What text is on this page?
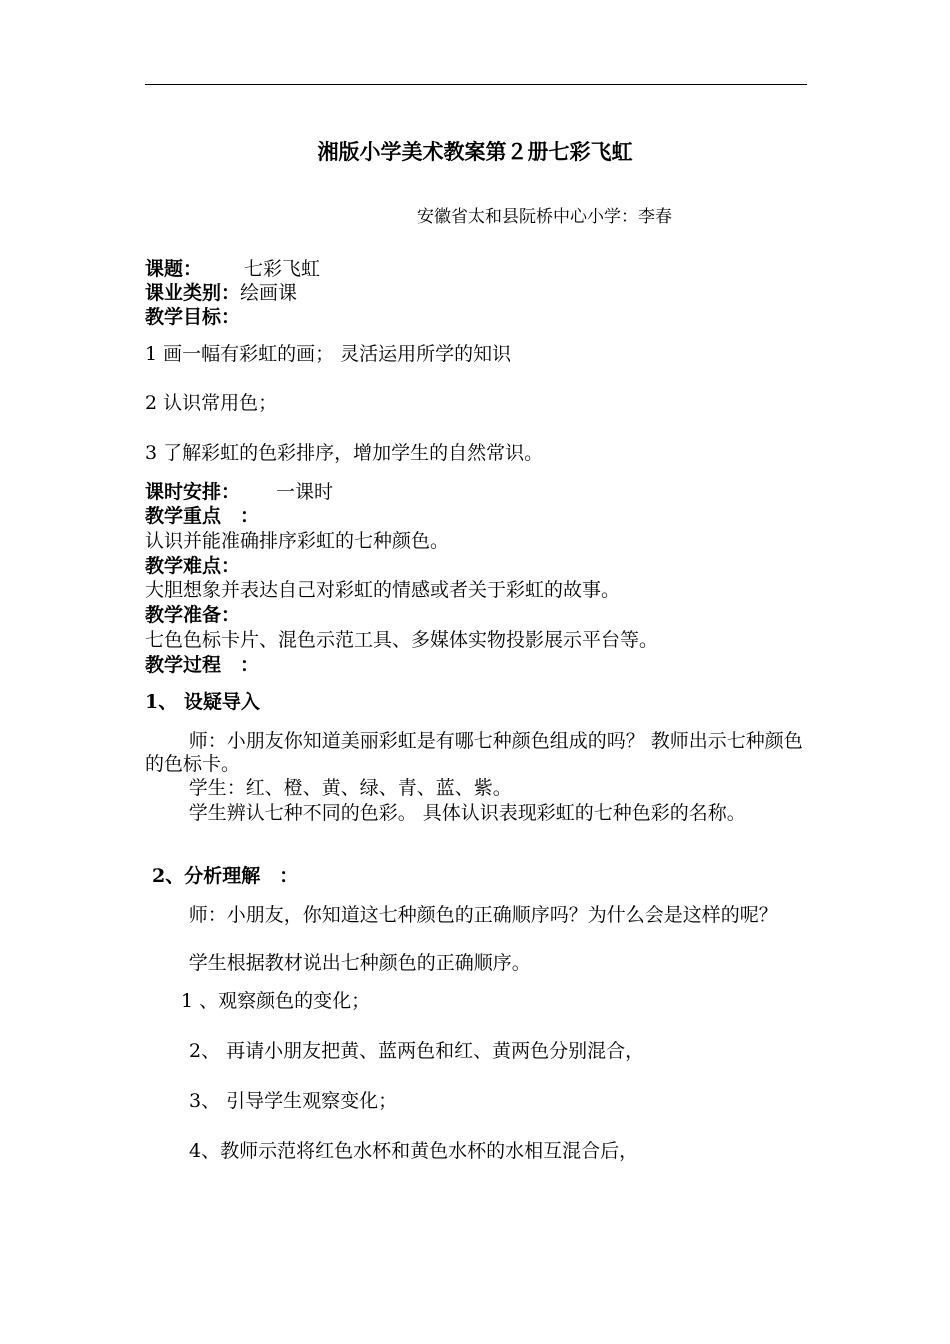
湘版小学美术教案第２册七彩飞虹
安徽省太和县阮桥中心小学：李春
课题： 七彩飞虹
课业类别：绘画课
教学目标：
1 画一幅有彩虹的画； 灵活运用所学的知识
2 认识常用色；
3 了解彩虹的色彩排序，增加学生的自然常识。
课时安排： 一课时
教学重点　：
认识并能准确排序彩虹的七种颜色。
教学难点：
大胆想象并表达自己对彩虹的情感或者关于彩虹的故事。
教学准备：
七色色标卡片、混色示范工具、多媒体实物投影展示平台等。
教学过程　：
1、 设疑导入
师：小朋友你知道美丽彩虹是有哪七种颜色组成的吗？ 教师出示七种颜色的色标卡。
学生：红、橙、黄、绿、青、蓝、紫。
学生辨认七种不同的色彩。 具体认识表现彩虹的七种色彩的名称。
2、分析理解　：
师：小朋友，你知道这七种颜色的正确顺序吗？为什么会是这样的呢？
学生根据教材说出七种颜色的正确顺序。
1 、观察颜色的变化；
2、 再请小朋友把黄、蓝两色和红、黄两色分别混合，
3、 引导学生观察变化；
4、教师示范将红色水杯和黄色水杯的水相互混合后，
